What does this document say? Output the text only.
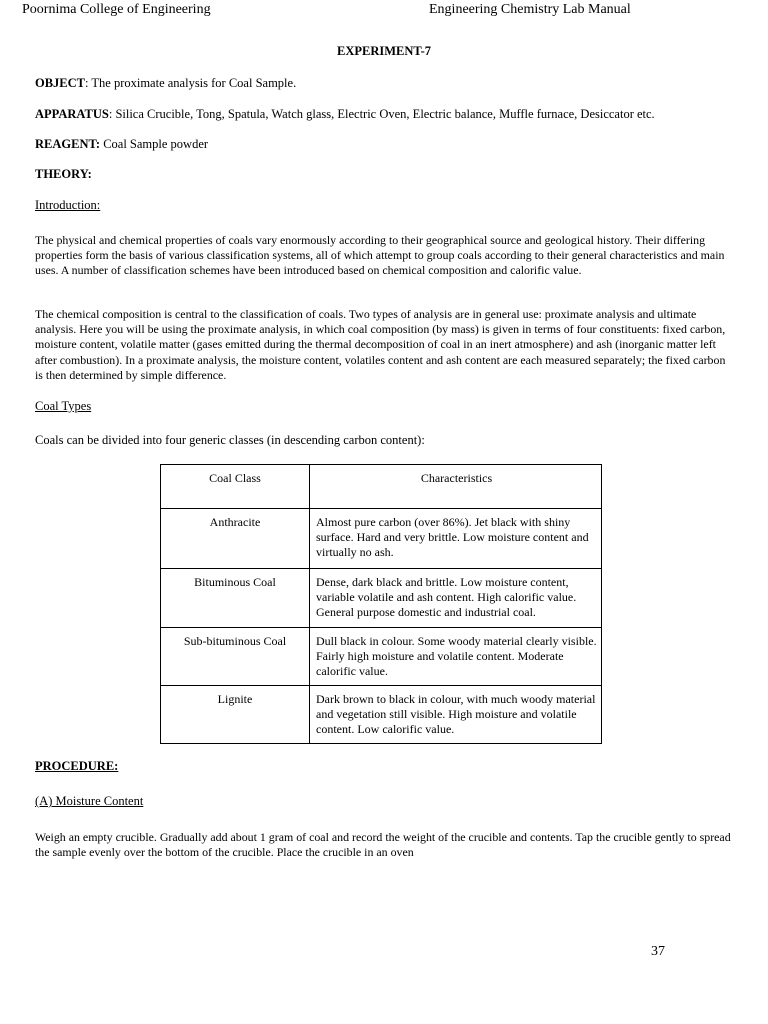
Poornima College of Engineering	Engineering Chemistry Lab Manual
EXPERIMENT-7
OBJECT: The proximate analysis for Coal Sample.
APPARATUS: Silica Crucible, Tong, Spatula, Watch glass, Electric Oven, Electric balance, Muffle furnace, Desiccator etc.
REAGENT: Coal Sample powder
THEORY:
Introduction:
The physical and chemical properties of coals vary enormously according to their geographical source and geological history. Their differing properties form the basis of various classification systems, all of which attempt to group coals according to their general characteristics and main uses. A number of classification schemes have been introduced based on chemical composition and calorific value.
The chemical composition is central to the classification of coals. Two types of analysis are in general use: proximate analysis and ultimate analysis. Here you will be using the proximate analysis, in which coal composition (by mass) is given in terms of four constituents: fixed carbon, moisture content, volatile matter (gases emitted during the thermal decomposition of coal in an inert atmosphere) and ash (inorganic matter left after combustion). In a proximate analysis, the moisture content, volatiles content and ash content are each measured separately; the fixed carbon is then determined by simple difference.
Coal Types
Coals can be divided into four generic classes (in descending carbon content):
Coal Class	Characteristics
Anthracite	Almost pure carbon (over 86%). Jet black with shiny surface. Hard and very brittle. Low moisture content and virtually no ash.
Bituminous Coal	Dense, dark black and brittle. Low moisture content, variable volatile and ash content. High calorific value. General purpose domestic and industrial coal.
Sub-bituminous Coal	Dull black in colour. Some woody material clearly visible. Fairly high moisture and volatile content. Moderate calorific value.
Lignite	Dark brown to black in colour, with much woody material and vegetation still visible. High moisture and volatile content. Low calorific value.
PROCEDURE:
(A) Moisture Content
Weigh an empty crucible. Gradually add about 1 gram of coal and record the weight of the crucible and contents. Tap the crucible gently to spread the sample evenly over the bottom of the crucible. Place the crucible in an oven
37
